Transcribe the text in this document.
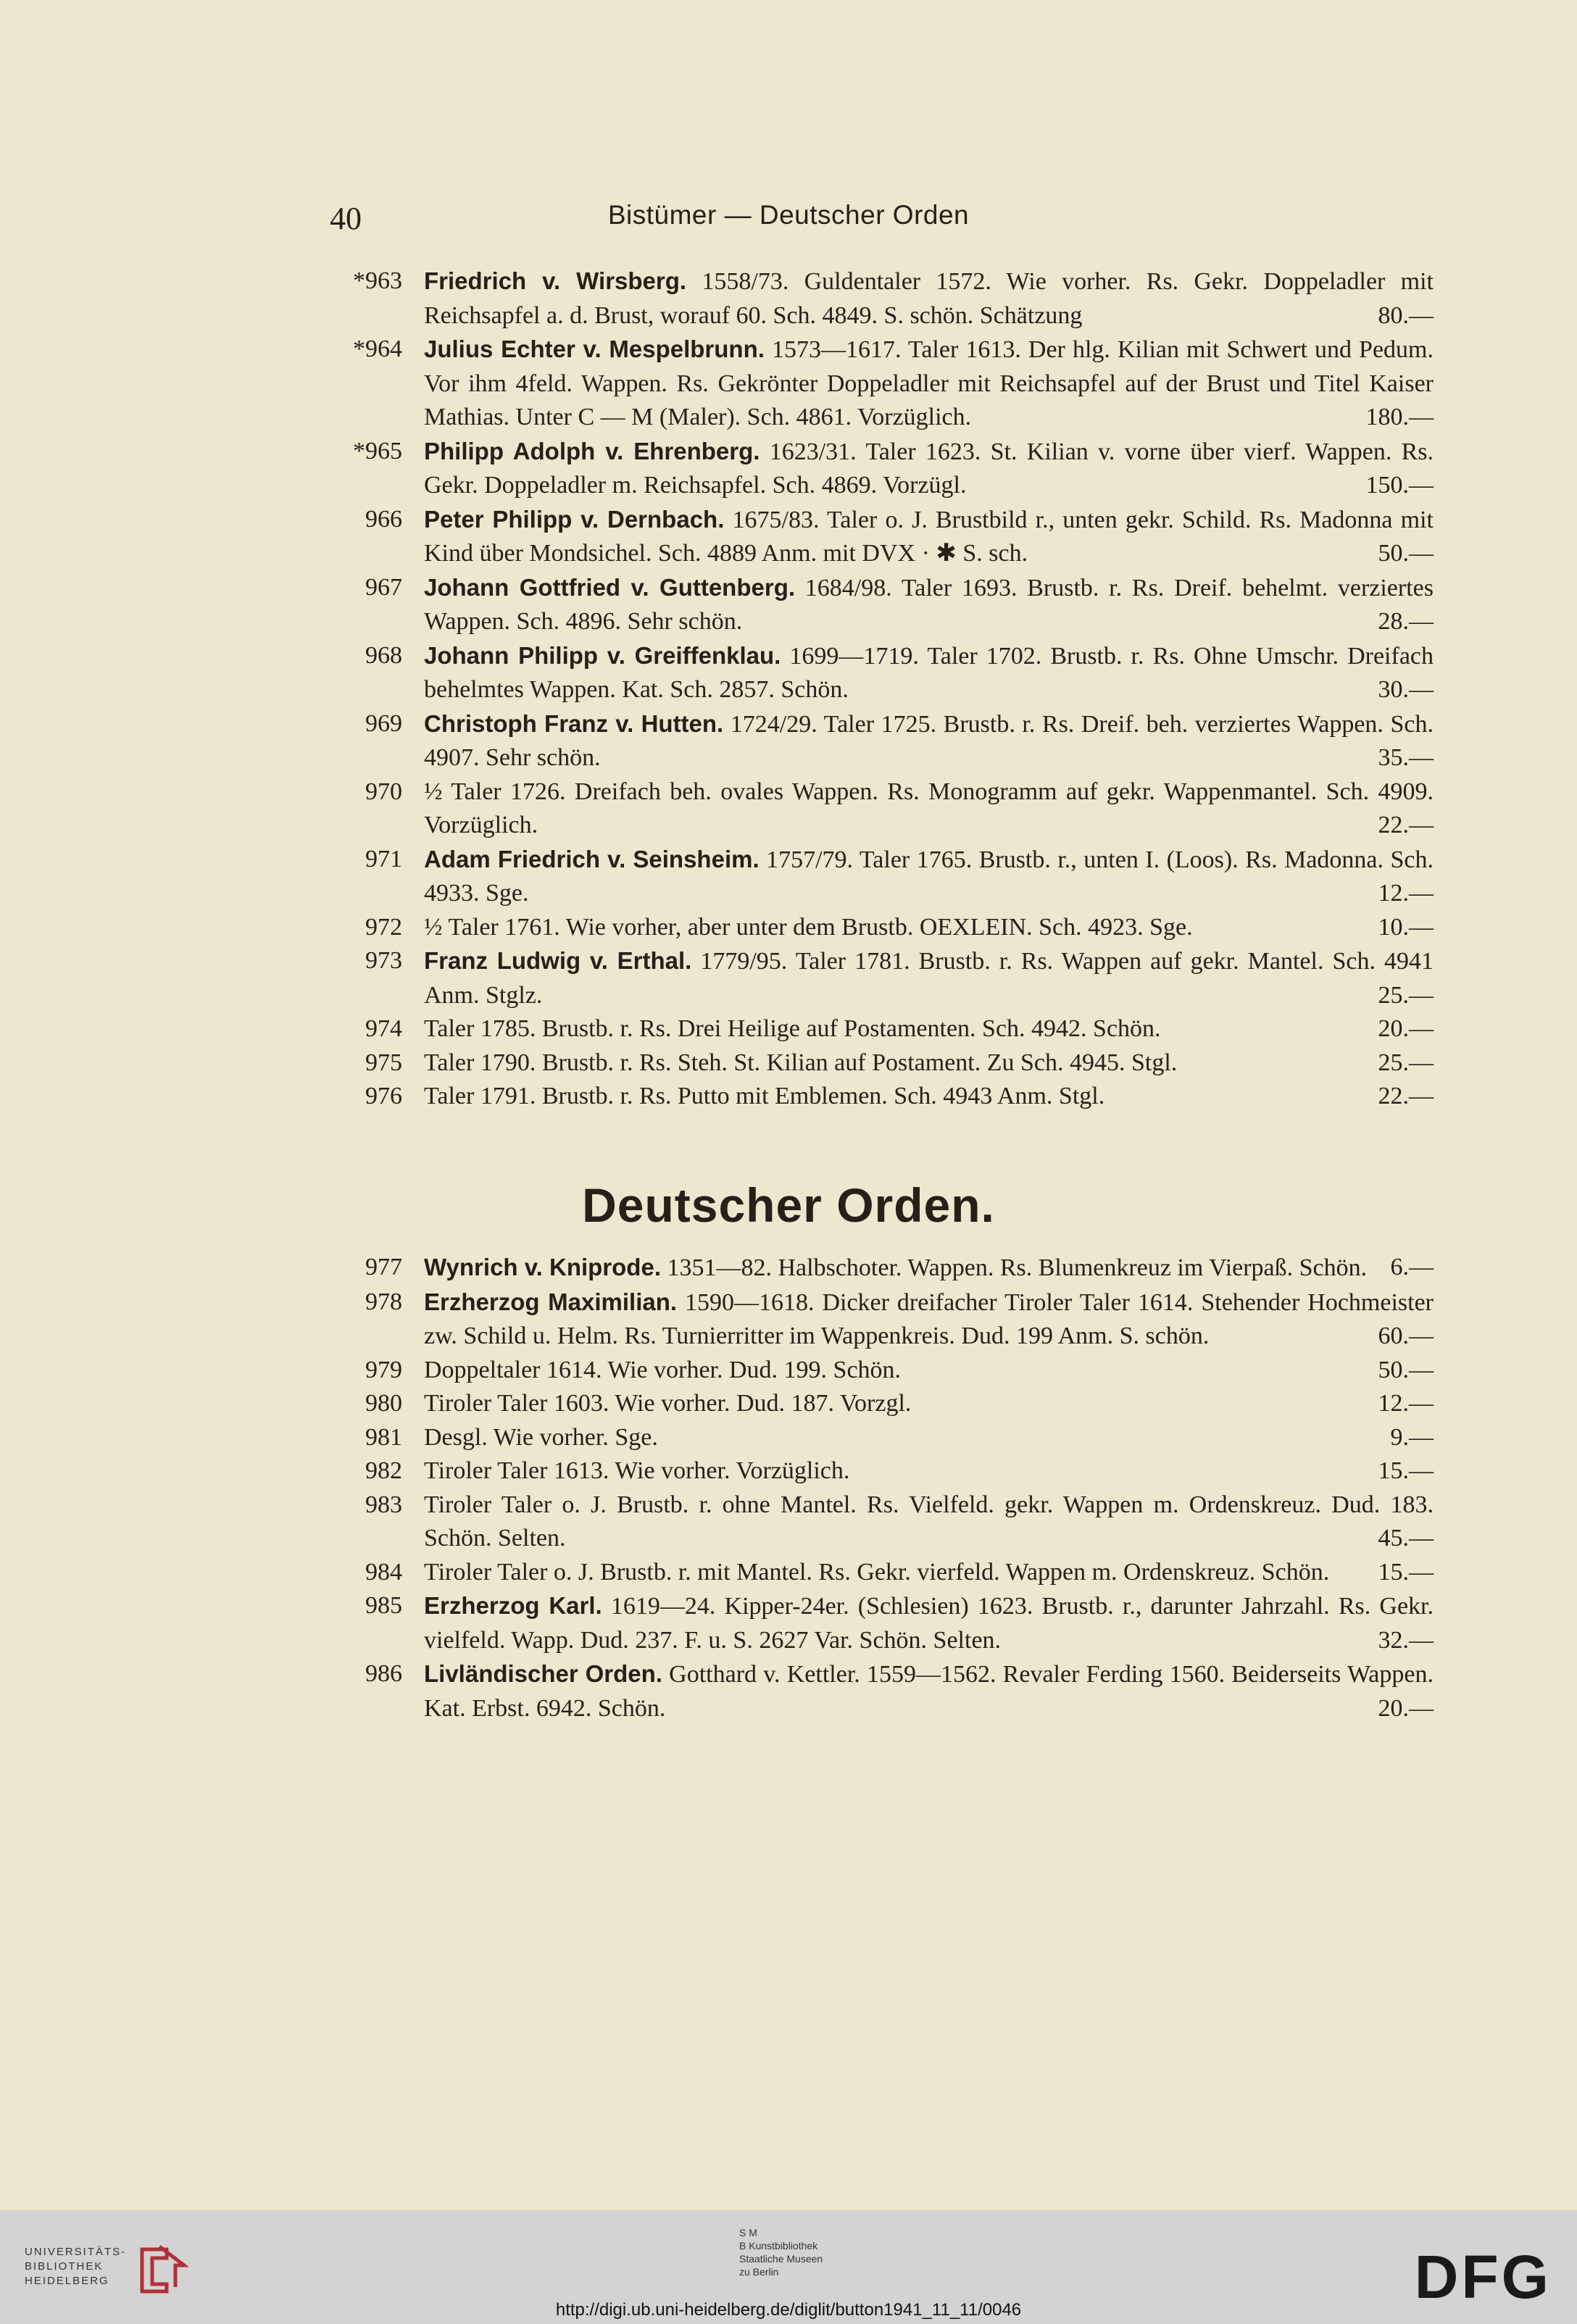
40	Bistümer — Deutscher Orden
*963 Friedrich v. Wirsberg. 1558/73. Guldentaler 1572. Wie vorher. Rs. Gekr. Doppeladler mit Reichsapfel a. d. Brust, worauf 60. Sch. 4849. S. schön. Schätzung	80.—
*964 Julius Echter v. Mespelbrunn. 1573—1617. Taler 1613. Der hlg. Kilian mit Schwert und Pedum. Vor ihm 4feld. Wappen. Rs. Gekrönter Doppeladler mit Reichsapfel auf der Brust und Titel Kaiser Mathias. Unter C — M (Maler). Sch. 4861. Vorzüglich.	180.—
*965 Philipp Adolph v. Ehrenberg. 1623/31. Taler 1623. St. Kilian v. vorne über vierf. Wappen. Rs. Gekr. Doppeladler m. Reichsapfel. Sch. 4869. Vorzügl.	150.—
966 Peter Philipp v. Dernbach. 1675/83. Taler o. J. Brustbild r., unten gekr. Schild. Rs. Madonna mit Kind über Mondsichel. Sch. 4889 Anm. mit DVX · ✱ S. sch.	50.—
967 Johann Gottfried v. Guttenberg. 1684/98. Taler 1693. Brustb. r. Rs. Dreif. behelmt. verziertes Wappen. Sch. 4896. Sehr schön.	28.—
968 Johann Philipp v. Greiffenklau. 1699—1719. Taler 1702. Brustb. r. Rs. Ohne Umschr. Dreifach behelmtes Wappen. Kat. Sch. 2857. Schön.	30.—
969 Christoph Franz v. Hutten. 1724/29. Taler 1725. Brustb. r. Rs. Dreif. beh. verziertes Wappen. Sch. 4907. Sehr schön.	35.—
970 ½ Taler 1726. Dreifach beh. ovales Wappen. Rs. Monogramm auf gekr. Wappenmantel. Sch. 4909. Vorzüglich.	22.—
971 Adam Friedrich v. Seinsheim. 1757/79. Taler 1765. Brustb. r., unten I. (Loos). Rs. Madonna. Sch. 4933. Sge.	12.—
972 ½ Taler 1761. Wie vorher, aber unter dem Brustb. OEXLEIN. Sch. 4923. Sge.	10.—
973 Franz Ludwig v. Erthal. 1779/95. Taler 1781. Brustb. r. Rs. Wappen auf gekr. Mantel. Sch. 4941 Anm. Stglz.	25.—
974 Taler 1785. Brustb. r. Rs. Drei Heilige auf Postamenten. Sch. 4942. Schön.	20.—
975 Taler 1790. Brustb. r. Rs. Steh. St. Kilian auf Postament. Zu Sch. 4945. Stgl.	25.—
976 Taler 1791. Brustb. r. Rs. Putto mit Emblemen. Sch. 4943 Anm. Stgl.	22.—
Deutscher Orden.
977 Wynrich v. Kniprode. 1351—82. Halbschoter. Wappen. Rs. Blumenkreuz im Vierpaß. Schön. 6.—
978 Erzherzog Maximilian. 1590—1618. Dicker dreifacher Tiroler Taler 1614. Stehender Hochmeister zw. Schild u. Helm. Rs. Turnierritter im Wappenkreis. Dud. 199 Anm. S. schön.	60.—
979 Doppeltaler 1614. Wie vorher. Dud. 199. Schön.	50.—
980 Tiroler Taler 1603. Wie vorher. Dud. 187. Vorzgl.	12.—
981 Desgl. Wie vorher. Sge.	9.—
982 Tiroler Taler 1613. Wie vorher. Vorzüglich.	15.—
983 Tiroler Taler o. J. Brustb. r. ohne Mantel. Rs. Vielfeld. gekr. Wappen m. Ordenskreuz. Dud. 183. Schön. Selten.	45.—
984 Tiroler Taler o. J. Brustb. r. mit Mantel. Rs. Gekr. vierfeld. Wappen m. Ordenskreuz. Schön. 15.—
985 Erzherzog Karl. 1619—24. Kipper-24er. (Schlesien) 1623. Brustb. r., darunter Jahrzahl. Rs. Gekr. vielfeld. Wapp. Dud. 237. F. u. S. 2627 Var. Schön. Selten.	32.—
986 Livländischer Orden. Gotthard v. Kettler. 1559—1562. Revaler Ferding 1560. Beiderseits Wappen. Kat. Erbst. 6942. Schön.	20.—
UNIVERSITÄTS-
BIBLIOTHEK
HEIDELBERG
S M
B Kunstbibliothek
Staatliche Museen
zu Berlin	DFG
http://digi.ub.uni-heidelberg.de/diglit/button1941_11_11/0046
